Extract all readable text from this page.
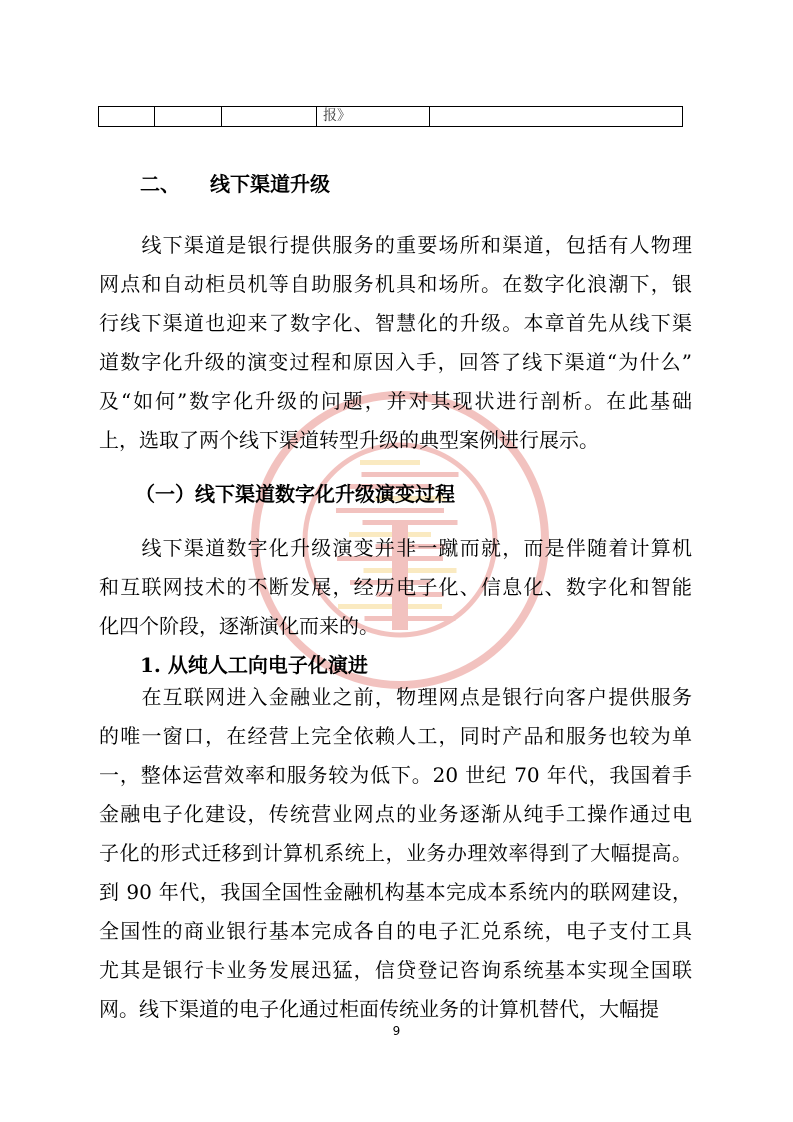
报》
二、 线下渠道升级
　　线下渠道是银行提供服务的重要场所和渠道，包括有人物理
网点和自动柜员机等自助服务机具和场所。在数字化浪潮下，银
行线下渠道也迎来了数字化、智慧化的升级。本章首先从线下渠
道数字化升级的演变过程和原因入手，回答了线下渠道“为什么”
及“如何”数字化升级的问题，并对其现状进行剖析。在此基础
上，选取了两个线下渠道转型升级的典型案例进行展示。
（一）线下渠道数字化升级演变过程
　　线下渠道数字化升级演变并非一蹴而就，而是伴随着计算机
和互联网技术的不断发展，经历电子化、信息化、数字化和智能
化四个阶段，逐渐演化而来的。
1. 从纯人工向电子化演进
　　在互联网进入金融业之前，物理网点是银行向客户提供服务
的唯一窗口，在经营上完全依赖人工，同时产品和服务也较为单
一，整体运营效率和服务较为低下。20 世纪 70 年代，我国着手
金融电子化建设，传统营业网点的业务逐渐从纯手工操作通过电
子化的形式迁移到计算机系统上，业务办理效率得到了大幅提高。
到 90 年代，我国全国性金融机构基本完成本系统内的联网建设，
全国性的商业银行基本完成各自的电子汇兑系统，电子支付工具
尤其是银行卡业务发展迅猛，信贷登记咨询系统基本实现全国联
网。线下渠道的电子化通过柜面传统业务的计算机替代，大幅提
9
